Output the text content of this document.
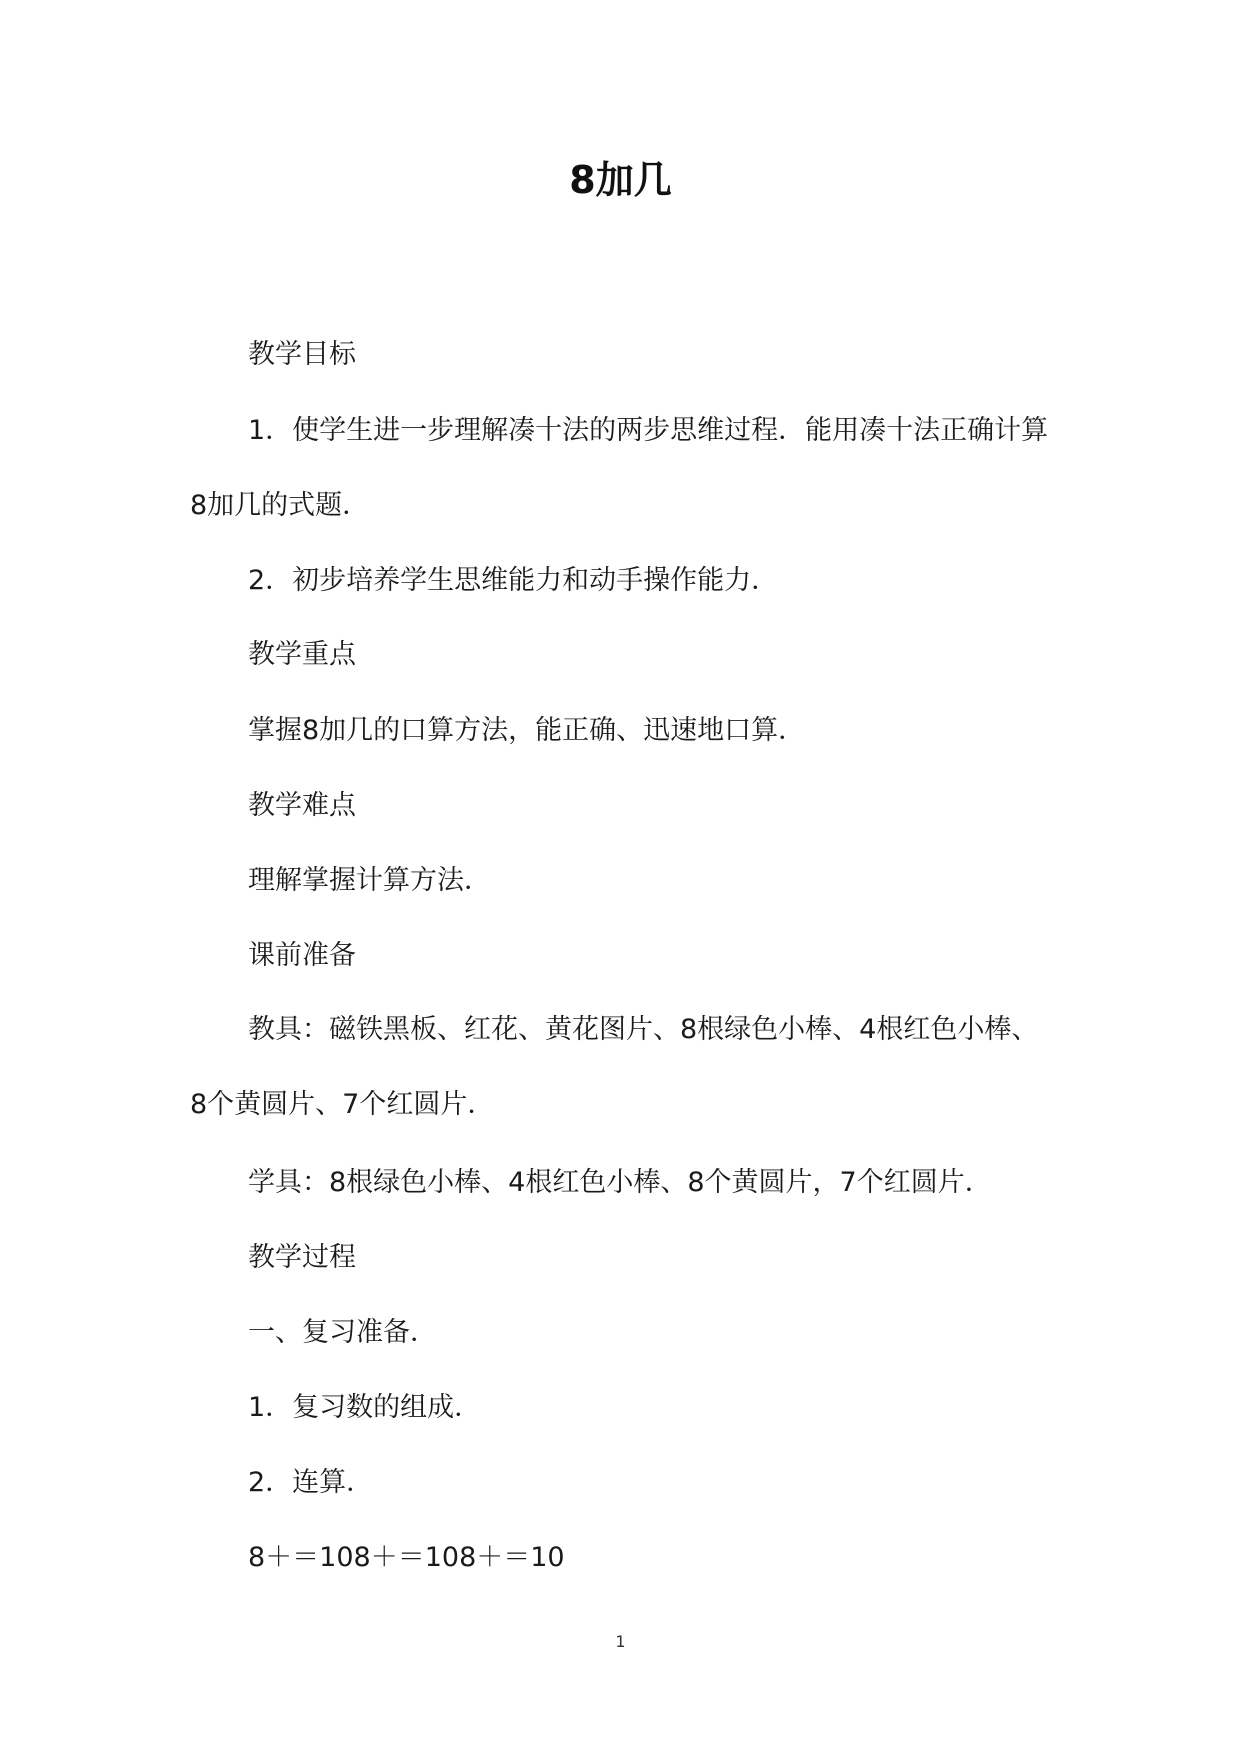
8加几
教学目标
1．使学生进一步理解凑十法的两步思维过程．能用凑十法正确计算8加几的式题．
2．初步培养学生思维能力和动手操作能力．
教学重点
掌握8加几的口算方法，能正确、迅速地口算．
教学难点
理解掌握计算方法．
课前准备
教具：磁铁黑板、红花、黄花图片、8根绿色小棒、4根红色小棒、8个黄圆片、7个红圆片．
学具：8根绿色小棒、4根红色小棒、8个黄圆片，7个红圆片．
教学过程
一、复习准备．
1．复习数的组成．
2．连算．
8＋＝108＋＝108＋＝10
1
